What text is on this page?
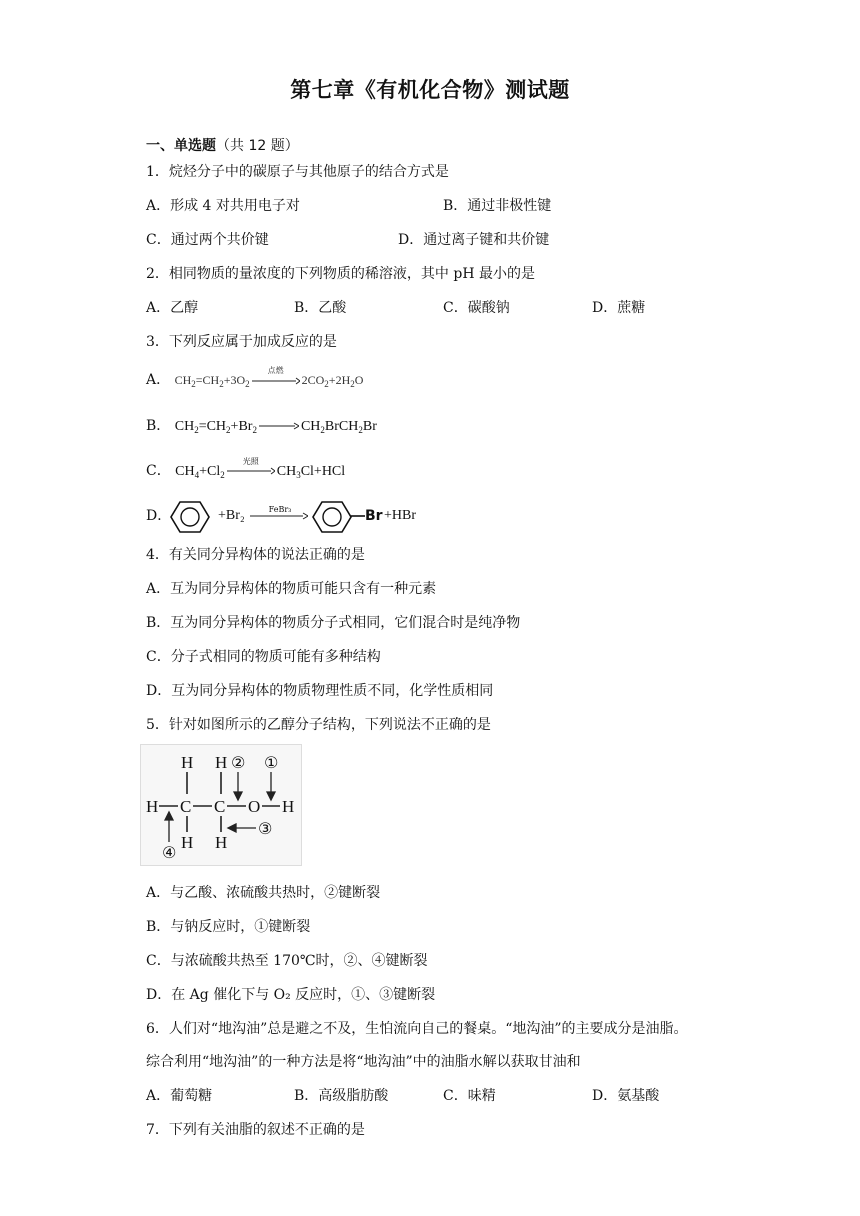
第七章《有机化合物》测试题
一、单选题（共 12 题）
1．烷烃分子中的碳原子与其他原子的结合方式是
A．形成 4 对共用电子对	B．通过非极性键
C．通过两个共价键	D．通过离子键和共价键
2．相同物质的量浓度的下列物质的稀溶液，其中 pH 最小的是
A．乙醇	B．乙酸	C．碳酸钠	D．蔗糖
3．下列反应属于加成反应的是
A． $CH_2=CH_2+3O_2$
点燃
$2CO_2+2H_2O$
B． $CH_2=CH_2+Br_2$	$CH_2BrCH_2Br$
C． $CH_4+Cl_2$
光照
$CH_3Cl+HCl$
D．	+Br₂	FeBr₃	Br +HBr
4．有关同分异构体的说法正确的是
A．互为同分异构体的物质可能只含有一种元素
B．互为同分异构体的物质分子式相同，它们混合时是纯净物
C．分子式相同的物质可能有多种结构
D．互为同分异构体的物质物理性质不同，化学性质相同
5．针对如图所示的乙醇分子结构，下列说法不正确的是
H H
H C C O H
H H
①
②
③
④
A．与乙酸、浓硫酸共热时，②键断裂
B．与钠反应时，①键断裂
C．与浓硫酸共热至 170℃时，②、④键断裂
D．在 Ag 催化下与 O₂ 反应时，①、③键断裂
6．人们对“地沟油”总是避之不及，生怕流向自己的餐桌。“地沟油”的主要成分是油脂。
综合利用“地沟油”的一种方法是将“地沟油”中的油脂水解以获取甘油和
A．葡萄糖	B．高级脂肪酸	C．味精	D．氨基酸
7．下列有关油脂的叙述不正确的是
